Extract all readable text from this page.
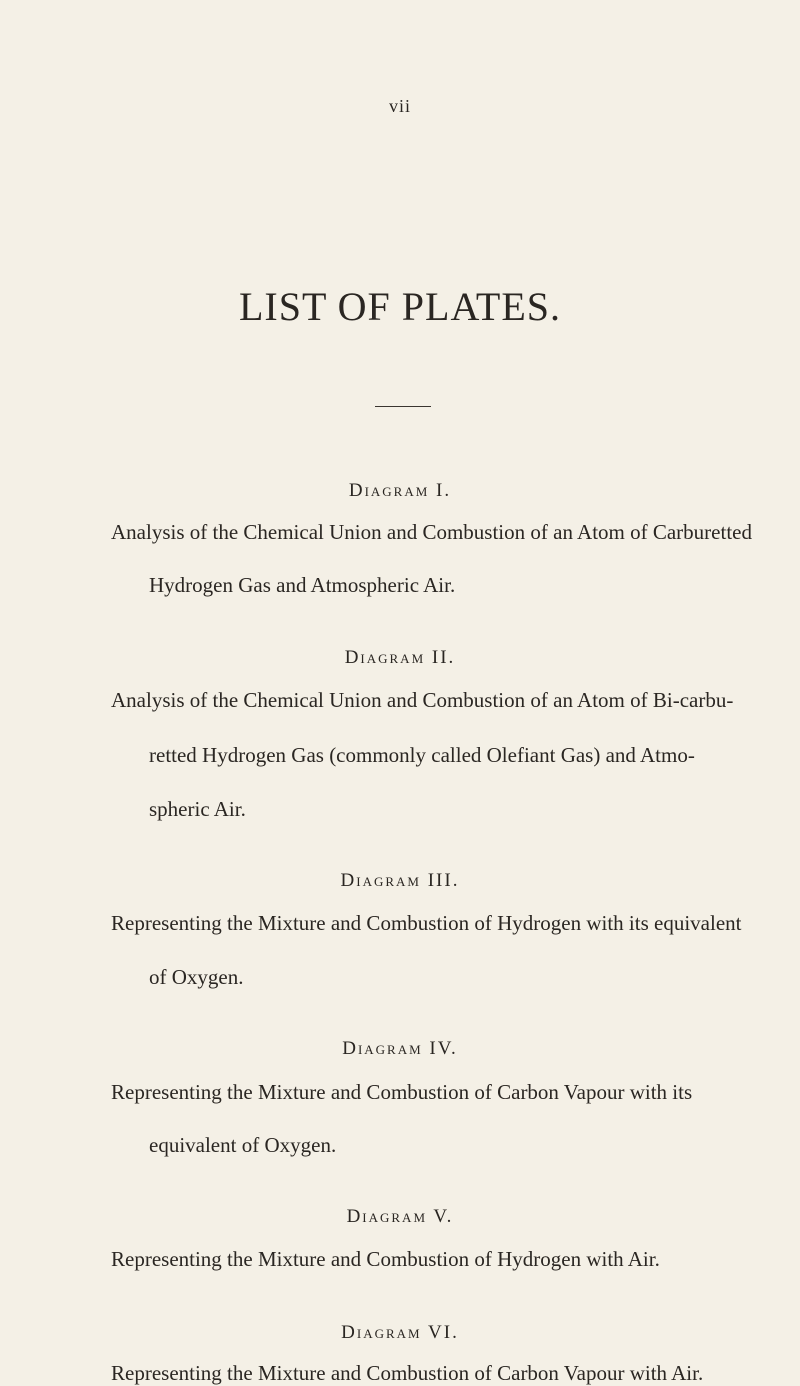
vii
LIST OF PLATES.
Diagram I.
Analysis of the Chemical Union and Combustion of an Atom of Carburetted
Hydrogen Gas and Atmospheric Air.
Diagram II.
Analysis of the Chemical Union and Combustion of an Atom of Bi-carbu-
retted Hydrogen Gas (commonly called Olefiant Gas) and Atmo-
spheric Air.
Diagram III.
Representing the Mixture and Combustion of Hydrogen with its equivalent
of Oxygen.
Diagram IV.
Representing the Mixture and Combustion of Carbon Vapour with its
equivalent of Oxygen.
Diagram V.
Representing the Mixture and Combustion of Hydrogen with Air.
Diagram VI.
Representing the Mixture and Combustion of Carbon Vapour with Air.
